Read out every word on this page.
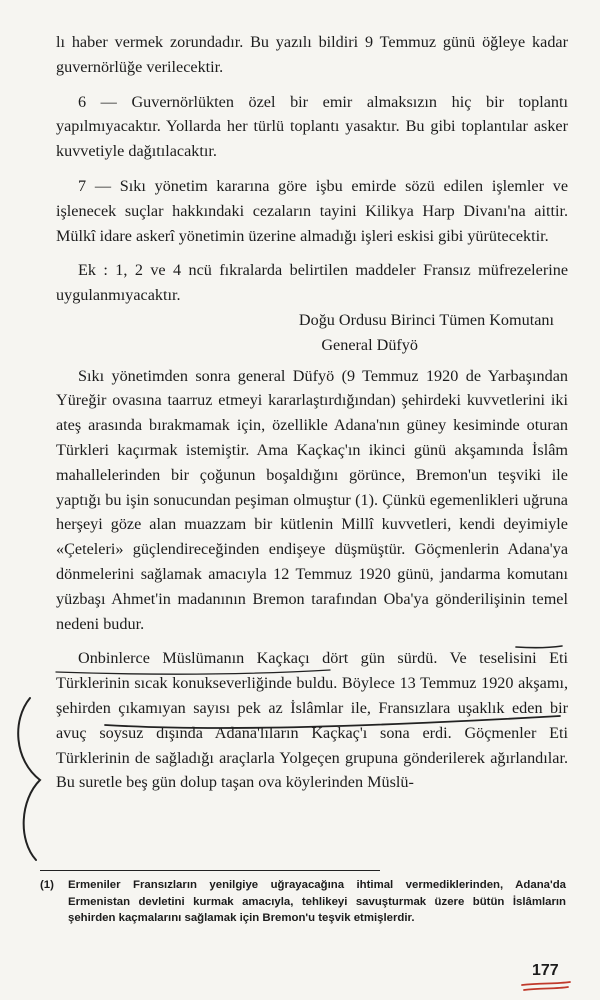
lı haber vermek zorundadır. Bu yazılı bildiri 9 Temmuz günü öğleye kadar guvernörlüğe verilecektir.

6 — Guvernörlükten özel bir emir almaksızın hiç bir toplantı yapılmıyacaktır. Yollarda her türlü toplantı yasaktır. Bu gibi toplantılar asker kuvvetiyle dağıtılacaktır.

7 — Sıkı yönetim kararına göre işbu emirde sözü edilen işlemler ve işlenecek suçlar hakkındaki cezaların tayini Kilikya Harp Divanı'na aittir. Mülkî idare askerî yönetimin üzerine almadığı işleri eskisi gibi yürütecektir.

Ek : 1, 2 ve 4 ncü fıkralarda belirtilen maddeler Fransız müfrezelerine uygulanmıyacaktır.

Doğu Ordusu Birinci Tümen Komutanı
General Düfyö

Sıkı yönetimden sonra general Düfyö (9 Temmuz 1920 de Yarbaşından Yüreğir ovasına taarruz etmeyi kararlaştırdığından) şehirdeki kuvvetlerini iki ateş arasında bırakmamak için, özellikle Adana'nın güney kesiminde oturan Türkleri kaçırmak istemiştir. Ama Kaçkaç'ın ikinci günü akşamında İslâm mahallelerinden bir çoğunun boşaldığını görünce, Bremon'un teşviki ile yaptığı bu işin sonucundan peşiman olmuştur (1). Çünkü egemenlikleri uğruna herşeyi göze alan muazzam bir kütlenin Millî kuvvetleri, kendi deyimiyle «Çeteleri» güçlendireceğinden endişeye düşmüştür. Göçmenlerin Adana'ya dönmelerini sağlamak amacıyla 12 Temmuz 1920 günü, jandarma komutanı yüzbaşı Ahmet'in madanının Bremon tarafından Oba'ya gönderilişinin temel nedeni budur.

Onbinlerce Müslümanın Kaçkaçı dört gün sürdü. Ve teselisini Eti Türklerinin sıcak konukseverliğinde buldu. Böylece 13 Temmuz 1920 akşamı, şehirden çıkamıyan sayısı pek az İslâmlar ile, Fransızlara uşaklık eden bir avuç soysuz dışında Adana'lıların Kaçkaç'ı sona erdi. Göçmenler Eti Türklerinin de sağladığı araçlarla Yolgeçen grupuna gönderilerek ağırlandılar. Bu suretle beş gün dolup taşan ova köylerinden Müslü-

(1) Ermeniler Fransızların yenilgiye uğrayacağına ihtimal vermediklerinden, Adana'da Ermenistan devletini kurmak amacıyla, tehlikeyi savuşturmak üzere bütün İslâmların şehirden kaçmalarını sağlamak için Bremon'u teşvik etmişlerdir.
177
